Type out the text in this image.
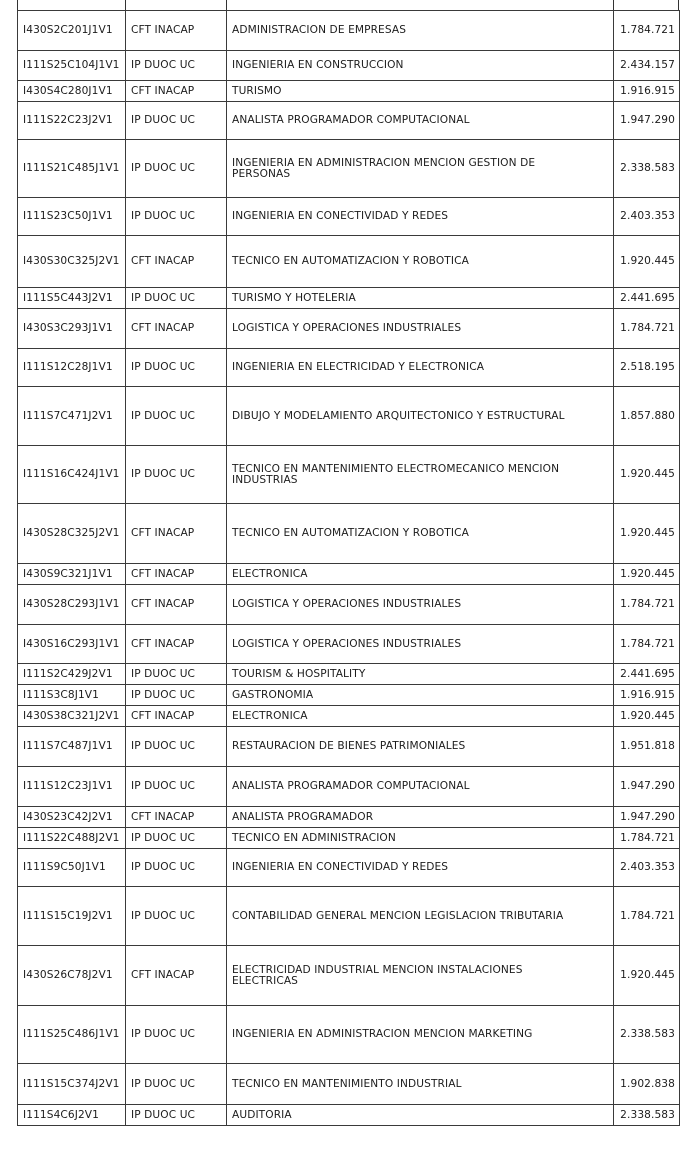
I430S2C201J1V1	CFT INACAP	ADMINISTRACION DE EMPRESAS	1.784.721
I111S25C104J1V1	IP DUOC UC	INGENIERIA EN CONSTRUCCION	2.434.157
I430S4C280J1V1	CFT INACAP	TURISMO	1.916.915
I111S22C23J2V1	IP DUOC UC	ANALISTA PROGRAMADOR COMPUTACIONAL	1.947.290
I111S21C485J1V1	IP DUOC UC	INGENIERIA EN ADMINISTRACION MENCION GESTION DE PERSONAS	2.338.583
I111S23C50J1V1	IP DUOC UC	INGENIERIA EN CONECTIVIDAD Y REDES	2.403.353
I430S30C325J2V1	CFT INACAP	TECNICO EN AUTOMATIZACION Y ROBOTICA	1.920.445
I111S5C443J2V1	IP DUOC UC	TURISMO Y HOTELERIA	2.441.695
I430S3C293J1V1	CFT INACAP	LOGISTICA Y OPERACIONES INDUSTRIALES	1.784.721
I111S12C28J1V1	IP DUOC UC	INGENIERIA EN ELECTRICIDAD Y ELECTRONICA	2.518.195
I111S7C471J2V1	IP DUOC UC	DIBUJO Y MODELAMIENTO ARQUITECTONICO Y ESTRUCTURAL	1.857.880
I111S16C424J1V1	IP DUOC UC	TECNICO EN MANTENIMIENTO ELECTROMECANICO MENCION INDUSTRIAS	1.920.445
I430S28C325J2V1	CFT INACAP	TECNICO EN AUTOMATIZACION Y ROBOTICA	1.920.445
I430S9C321J1V1	CFT INACAP	ELECTRONICA	1.920.445
I430S28C293J1V1	CFT INACAP	LOGISTICA Y OPERACIONES INDUSTRIALES	1.784.721
I430S16C293J1V1	CFT INACAP	LOGISTICA Y OPERACIONES INDUSTRIALES	1.784.721
I111S2C429J2V1	IP DUOC UC	TOURISM & HOSPITALITY	2.441.695
I111S3C8J1V1	IP DUOC UC	GASTRONOMIA	1.916.915
I430S38C321J2V1	CFT INACAP	ELECTRONICA	1.920.445
I111S7C487J1V1	IP DUOC UC	RESTAURACION DE BIENES PATRIMONIALES	1.951.818
I111S12C23J1V1	IP DUOC UC	ANALISTA PROGRAMADOR COMPUTACIONAL	1.947.290
I430S23C42J2V1	CFT INACAP	ANALISTA PROGRAMADOR	1.947.290
I111S22C488J2V1	IP DUOC UC	TECNICO EN ADMINISTRACION	1.784.721
I111S9C50J1V1	IP DUOC UC	INGENIERIA EN CONECTIVIDAD Y REDES	2.403.353
I111S15C19J2V1	IP DUOC UC	CONTABILIDAD GENERAL MENCION LEGISLACION TRIBUTARIA	1.784.721
I430S26C78J2V1	CFT INACAP	ELECTRICIDAD INDUSTRIAL MENCION INSTALACIONES ELECTRICAS	1.920.445
I111S25C486J1V1	IP DUOC UC	INGENIERIA EN ADMINISTRACION MENCION MARKETING	2.338.583
I111S15C374J2V1	IP DUOC UC	TECNICO EN MANTENIMIENTO INDUSTRIAL	1.902.838
I111S4C6J2V1	IP DUOC UC	AUDITORIA	2.338.583
